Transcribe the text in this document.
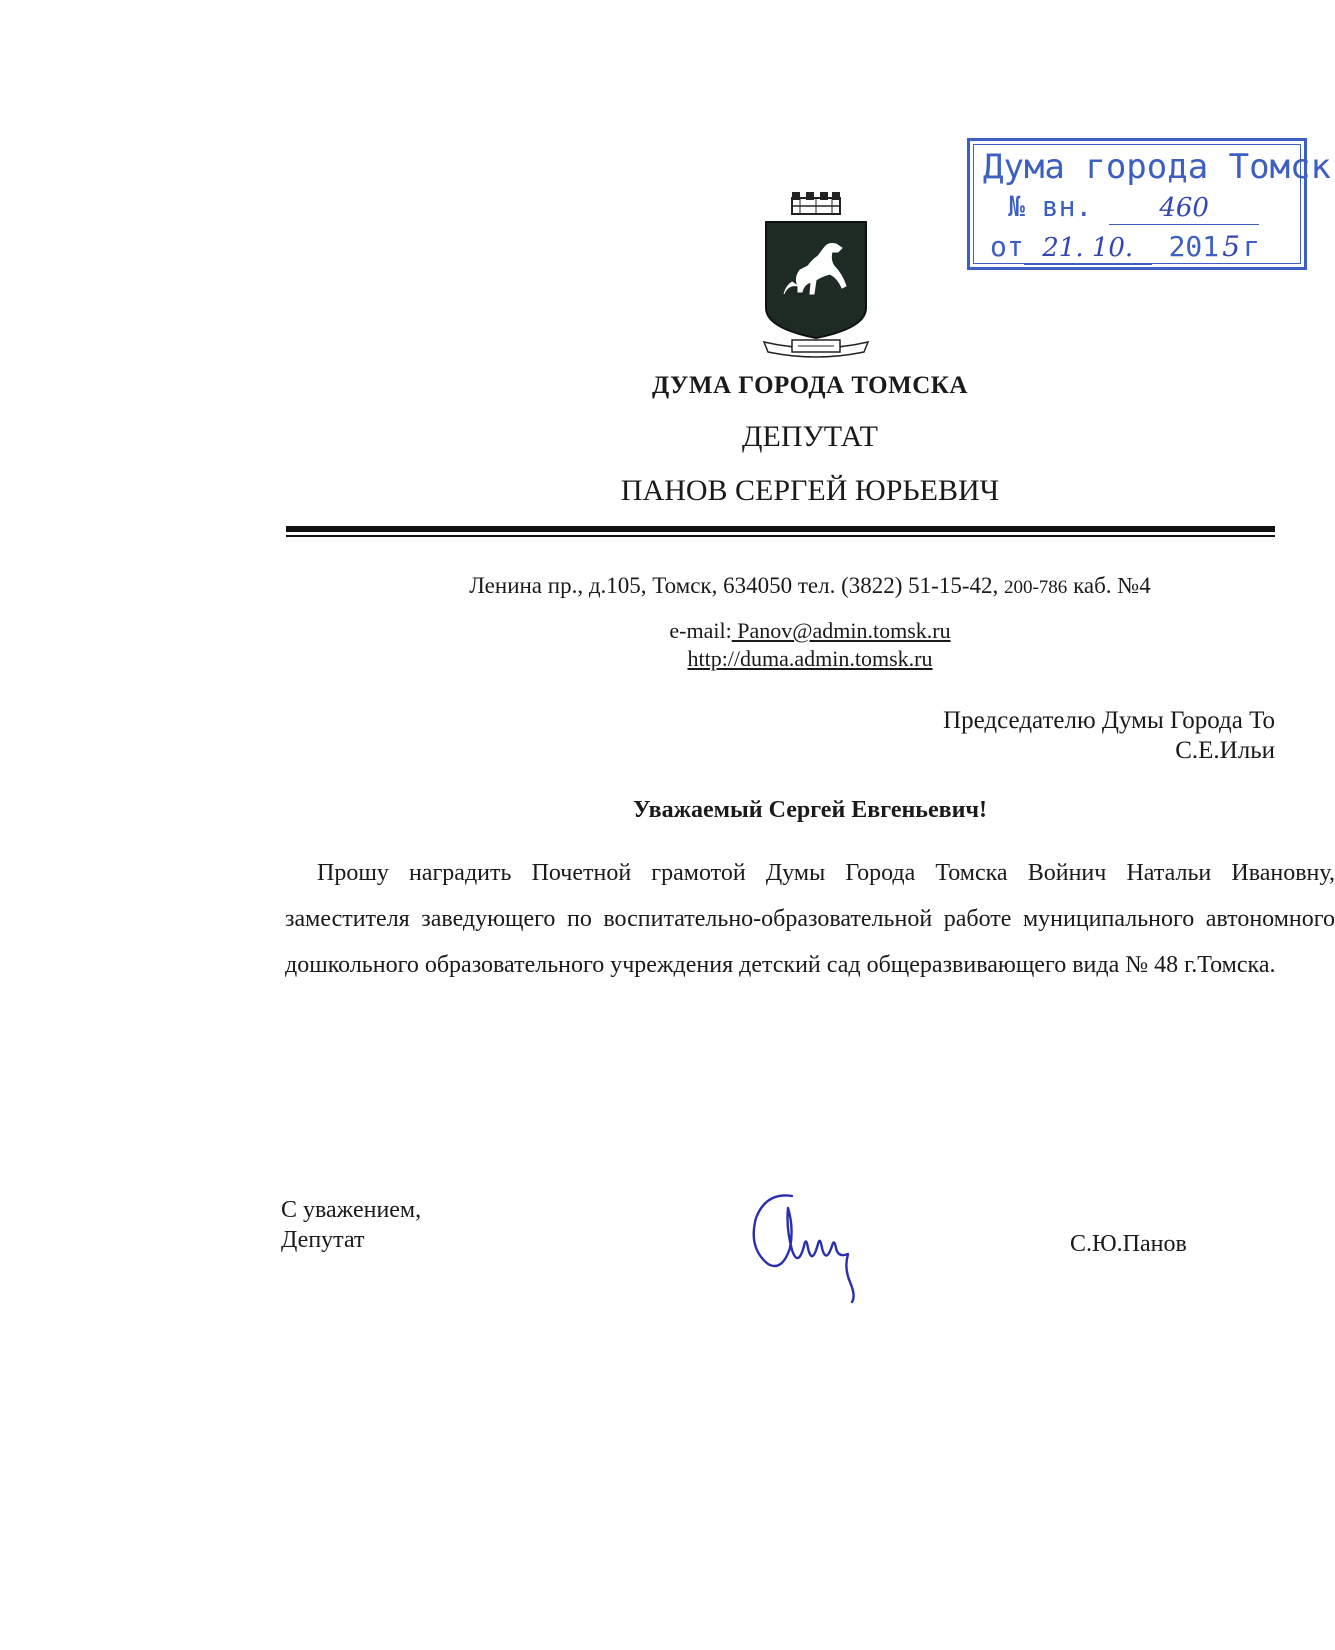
Дума города Томск
№ вн.	460
от 21. 10. 201 5 г
ДУМА ГОРОДА ТОМСКА
ДЕПУТАТ
ПАНОВ СЕРГЕЙ ЮРЬЕВИЧ
Ленина пр., д.105, Томск, 634050 тел. (3822) 51-15-42, 200-786 каб. №4
e-mail: Panov@admin.tomsk.ru
http://duma.admin.tomsk.ru
Председателю Думы Города То
С.Е.Ильи
Уважаемый Сергей Евгеньевич!
Прошу наградить Почетной грамотой Думы Города Томска Войнич Натальи Ивановну, заместителя заведующего по воспитательно-образовательной работе муниципального автономного дошкольного образовательного учреждения детский сад общеразвивающего вида № 48 г.Томска.
С уважением,
Депутат	С.Ю.Панов
